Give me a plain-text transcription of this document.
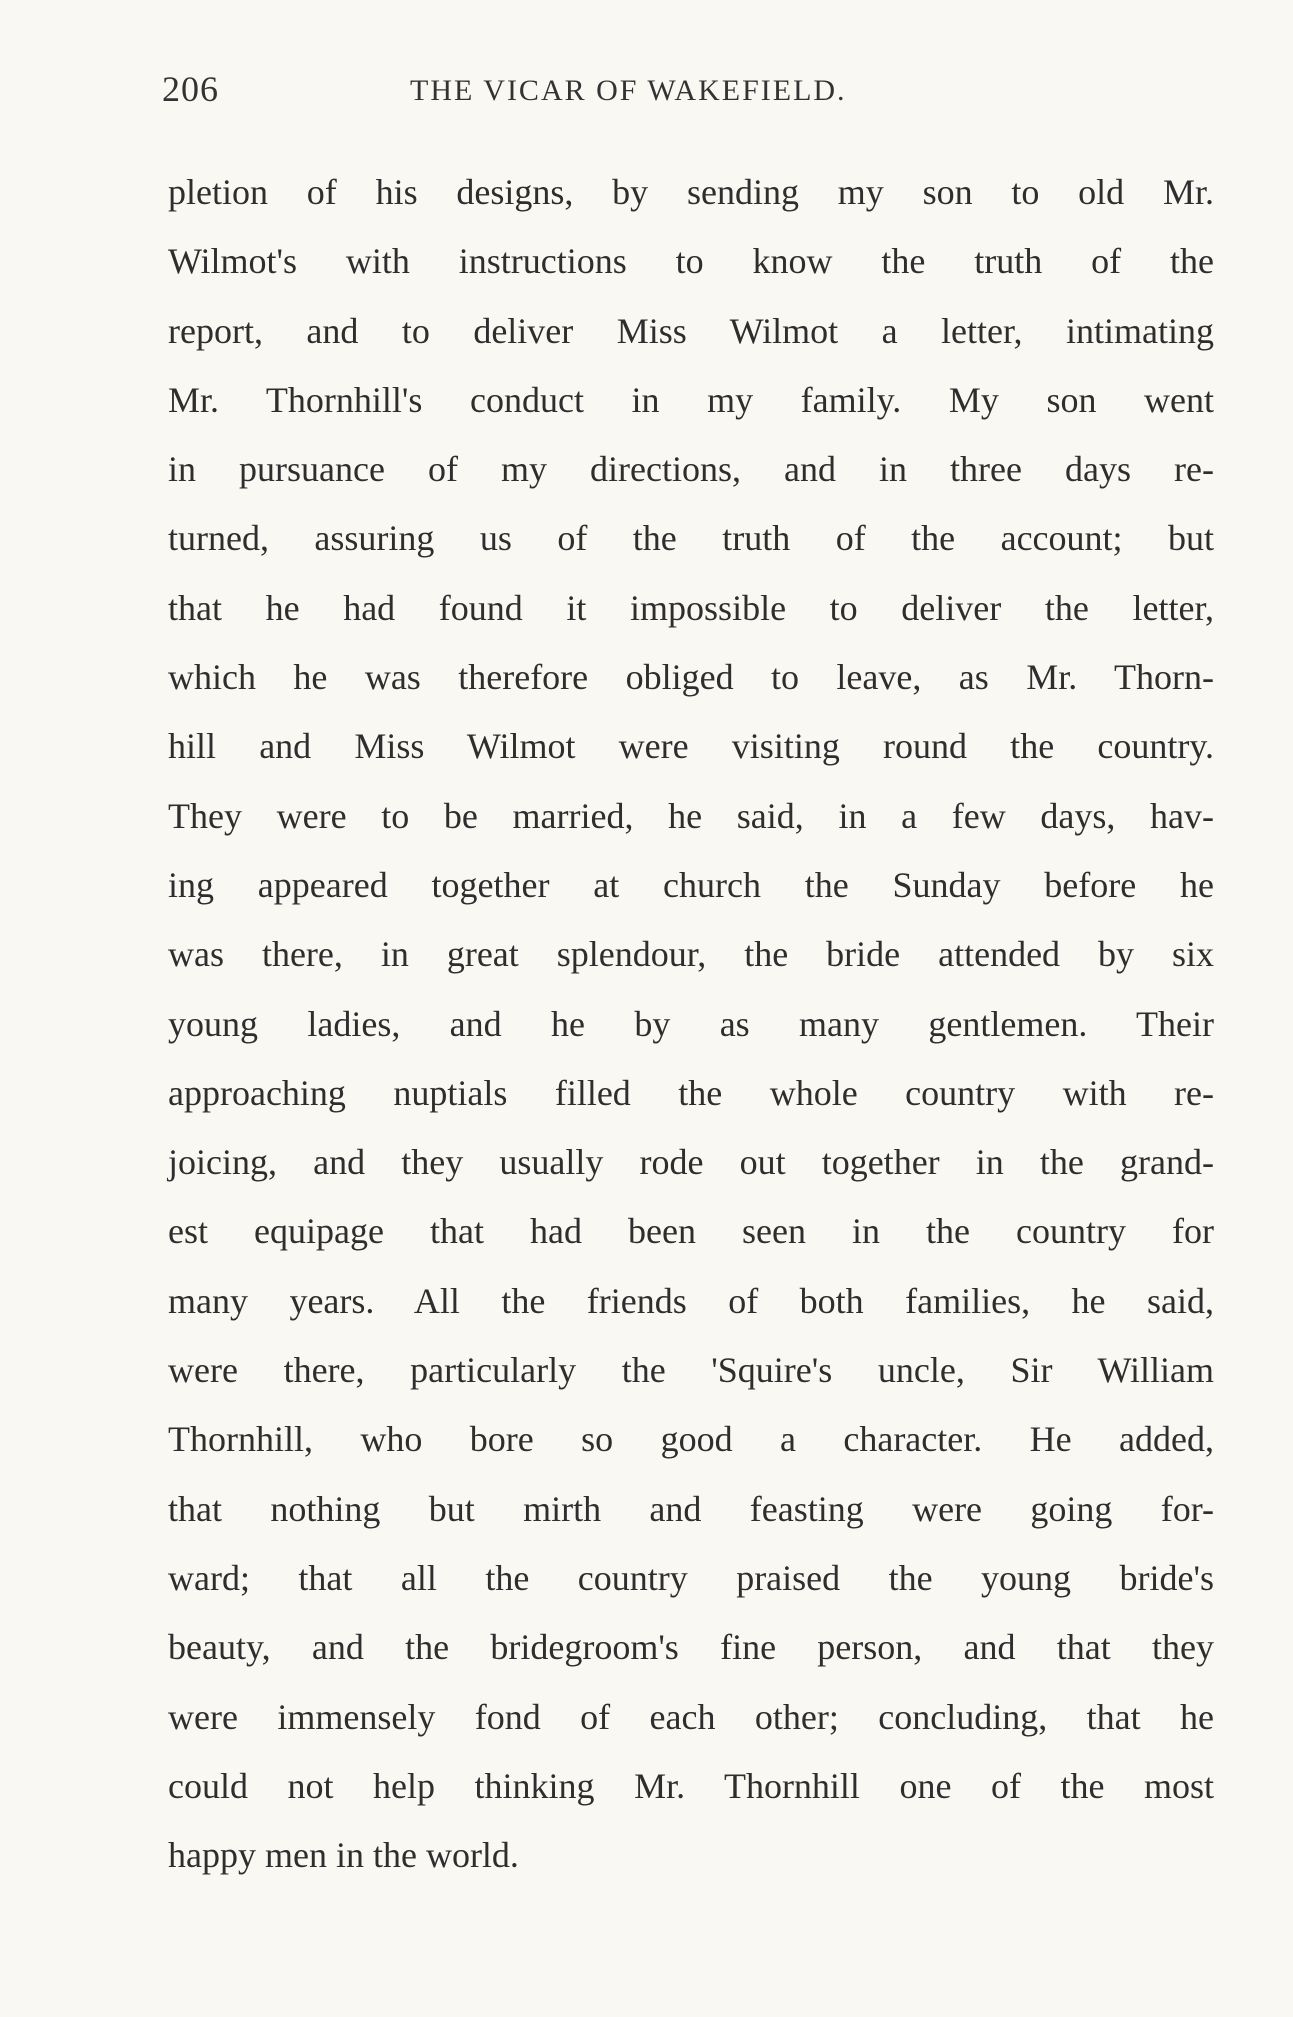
206	THE VICAR OF WAKEFIELD.
pletion of his designs, by sending my son to old Mr.
Wilmot's with instructions to know the truth of the
report, and to deliver Miss Wilmot a letter, intimating
Mr. Thornhill's conduct in my family. My son went
in pursuance of my directions, and in three days re-
turned, assuring us of the truth of the account; but
that he had found it impossible to deliver the letter,
which he was therefore obliged to leave, as Mr. Thorn-
hill and Miss Wilmot were visiting round the country.
They were to be married, he said, in a few days, hav-
ing appeared together at church the Sunday before he
was there, in great splendour, the bride attended by six
young ladies, and he by as many gentlemen. Their
approaching nuptials filled the whole country with re-
joicing, and they usually rode out together in the grand-
est equipage that had been seen in the country for
many years. All the friends of both families, he said,
were there, particularly the 'Squire's uncle, Sir William
Thornhill, who bore so good a character. He added,
that nothing but mirth and feasting were going for-
ward; that all the country praised the young bride's
beauty, and the bridegroom's fine person, and that they
were immensely fond of each other; concluding, that he
could not help thinking Mr. Thornhill one of the most
happy men in the world.
